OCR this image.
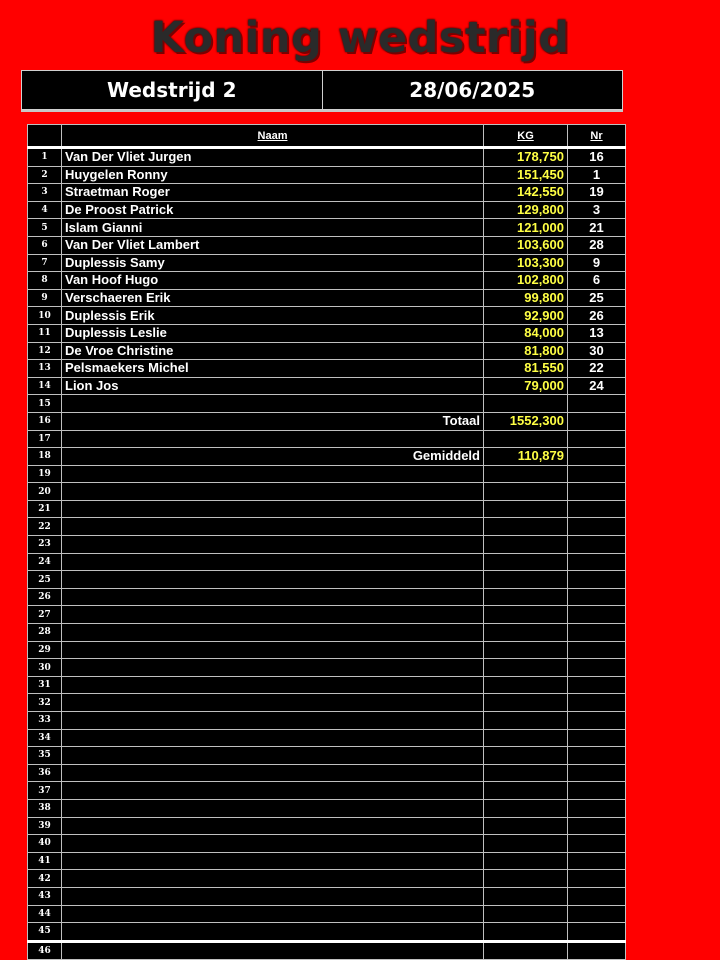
Koning wedstrijd
Wedstrijd 2	28/06/2025
	Naam	KG	Nr
1	Van Der Vliet Jurgen	178,750	16
2	Huygelen Ronny	151,450	1
3	Straetman Roger	142,550	19
4	De Proost Patrick	129,800	3
5	Islam Gianni	121,000	21
6	Van Der Vliet Lambert	103,600	28
7	Duplessis Samy	103,300	9
8	Van Hoof Hugo	102,800	6
9	Verschaeren Erik	99,800	25
10	Duplessis Erik	92,900	26
11	Duplessis Leslie	84,000	13
12	De Vroe Christine	81,800	30
13	Pelsmaekers Michel	81,550	22
14	Lion Jos	79,000	24
15			
16	Totaal	1552,300	
17			
18	Gemiddeld	110,879	
19			
20			
21			
22			
23			
24			
25			
26			
27			
28			
29			
30			
31			
32			
33			
34			
35			
36			
37			
38			
39			
40			
41			
42			
43			
44			
45			
46			
